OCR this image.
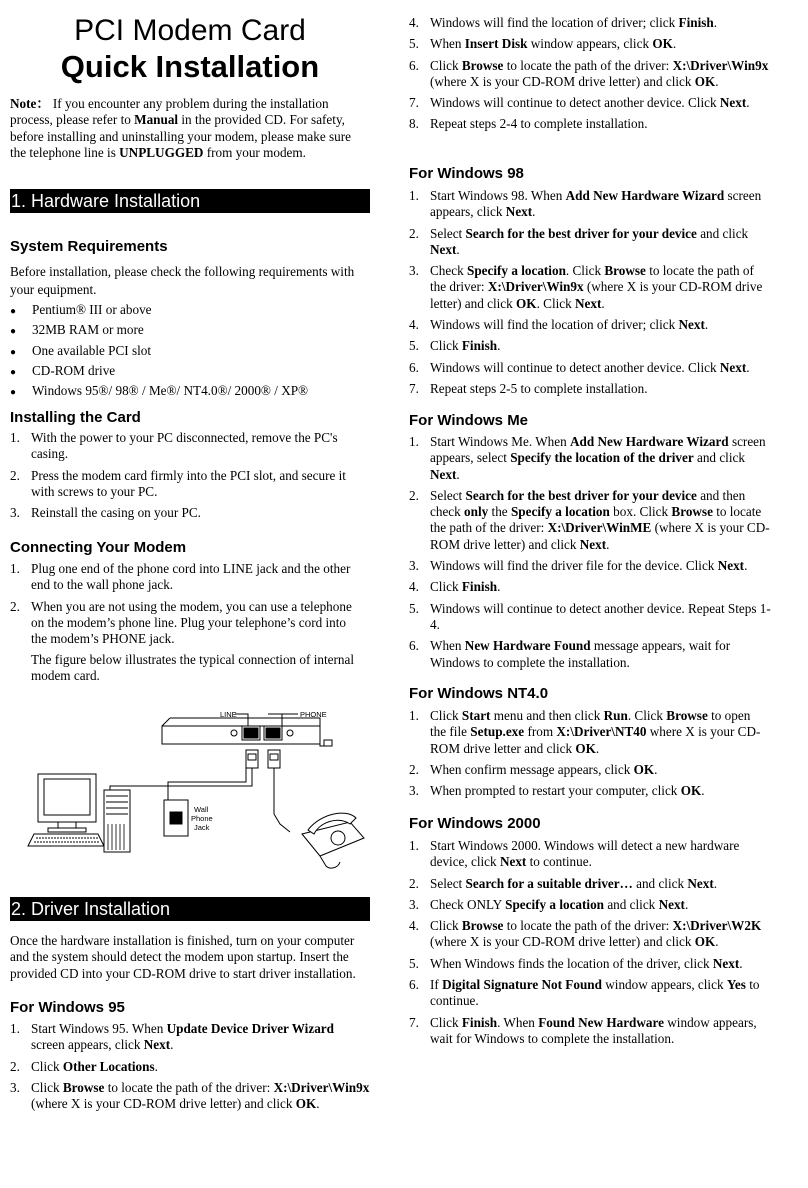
PCI Modem Card
Quick Installation
Note： If you encounter any problem during the installation process, please refer to Manual in the provided CD. For safety, before installing and uninstalling your modem, please make sure the telephone line is UNPLUGGED from your modem.
1. Hardware Installation
System Requirements
Before installation, please check the following requirements with your equipment.
● Pentium® III or above
● 32MB RAM or more
● One available PCI slot
● CD-ROM drive
● Windows 95®/ 98® / Me®/ NT4.0®/ 2000® / XP®
Installing the Card
1. With the power to your PC disconnected, remove the PC's casing.
2. Press the modem card firmly into the PCI slot, and secure it with screws to your PC.
3. Reinstall the casing on your PC.
Connecting Your Modem
1. Plug one end of the phone cord into LINE jack and the other end to the wall phone jack.
2. When you are not using the modem, you can use a telephone on the modem’s phone line. Plug your telephone’s cord into the modem’s PHONE jack.
The figure below illustrates the typical connection of internal modem card.
LINE	PHONE
Wall
Phone
Jack
2. Driver Installation
Once the hardware installation is finished, turn on your computer and the system should detect the modem upon startup. Insert the provided CD into your CD-ROM drive to start driver installation.
For Windows 95
1. Start Windows 95. When Update Device Driver Wizard screen appears, click Next.
2. Click Other Locations.
3. Click Browse to locate the path of the driver: X:\Driver\Win9x (where X is your CD-ROM drive letter) and click OK.
4. Windows will find the location of driver; click Finish.
5. When Insert Disk window appears, click OK.
6. Click Browse to locate the path of the driver: X:\Driver\Win9x (where X is your CD-ROM drive letter) and click OK.
7. Windows will continue to detect another device. Click Next.
8. Repeat steps 2-4 to complete installation.
For Windows 98
1. Start Windows 98. When Add New Hardware Wizard screen appears, click Next.
2. Select Search for the best driver for your device and click Next.
3. Check Specify a location. Click Browse to locate the path of the driver: X:\Driver\Win9x (where X is your CD-ROM drive letter) and click OK. Click Next.
4. Windows will find the location of driver; click Next.
5. Click Finish.
6. Windows will continue to detect another device. Click Next.
7. Repeat steps 2-5 to complete installation.
For Windows Me
1. Start Windows Me. When Add New Hardware Wizard screen appears, select Specify the location of the driver and click Next.
2. Select Search for the best driver for your device and then check only the Specify a location box. Click Browse to locate the path of the driver: X:\Driver\WinME (where X is your CD-ROM drive letter) and click Next.
3. Windows will find the driver file for the device. Click Next.
4. Click Finish.
5. Windows will continue to detect another device. Repeat Steps 1-4.
6. When New Hardware Found message appears, wait for Windows to complete the installation.
For Windows NT4.0
1. Click Start menu and then click Run. Click Browse to open the file Setup.exe from X:\Driver\NT40 where X is your CD-ROM drive letter and click OK.
2. When confirm message appears, click OK.
3. When prompted to restart your computer, click OK.
For Windows 2000
1. Start Windows 2000. Windows will detect a new hardware device, click Next to continue.
2. Select Search for a suitable driver… and click Next.
3. Check ONLY Specify a location and click Next.
4. Click Browse to locate the path of the driver: X:\Driver\W2K (where X is your CD-ROM drive letter) and click OK.
5. When Windows finds the location of the driver, click Next.
6. If Digital Signature Not Found window appears, click Yes to continue.
7. Click Finish. When Found New Hardware window appears, wait for Windows to complete the installation.
